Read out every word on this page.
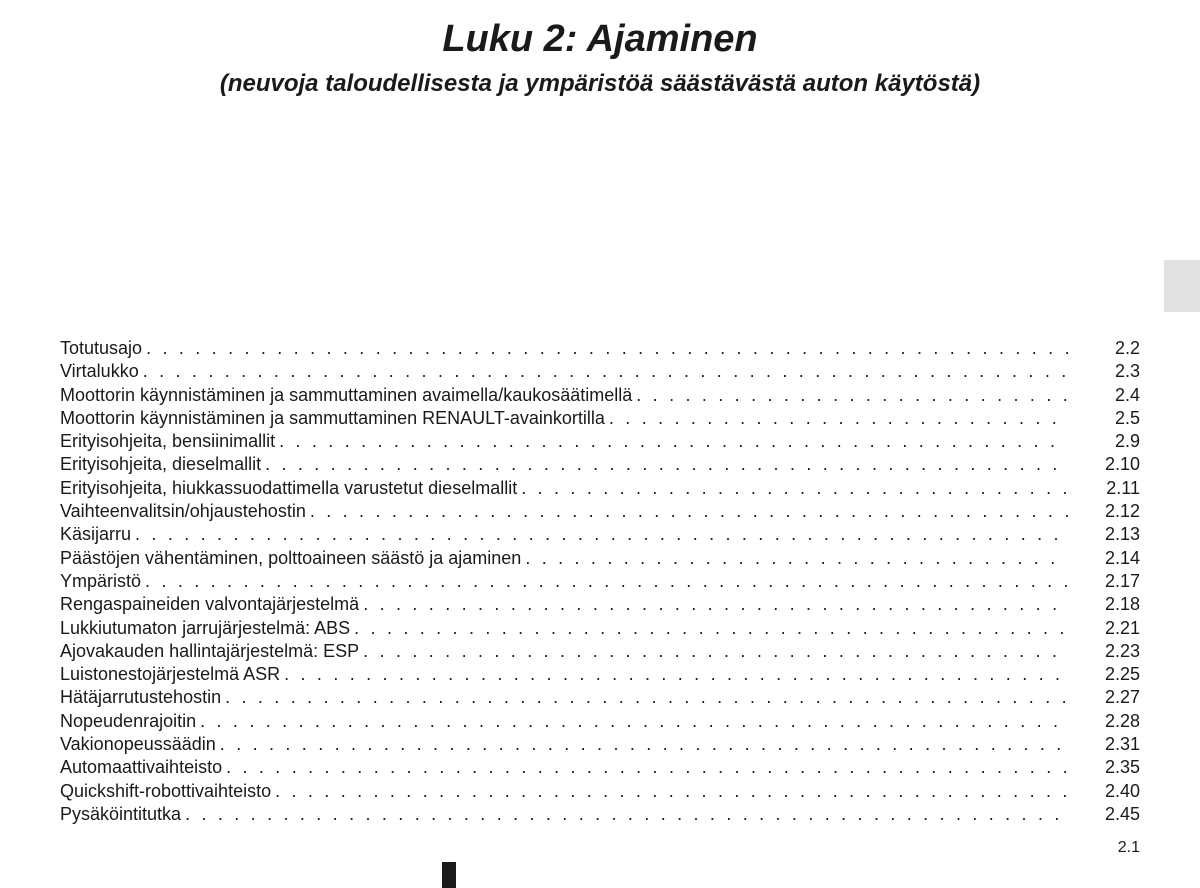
Luku 2: Ajaminen
(neuvoja taloudellisesta ja ympäristöä säästävästä auton käytöstä)
Totutusajo . . .	2.2
Virtalukko . . .	2.3
Moottorin käynnistäminen ja sammuttaminen avaimella/kaukosäätimellä . . .	2.4
Moottorin käynnistäminen ja sammuttaminen RENAULT-avainkortilla . . .	2.5
Erityisohjeita, bensiinimallit . . .	2.9
Erityisohjeita, dieselmallit . . .	2.10
Erityisohjeita, hiukkassuodattimella varustetut dieselmallit . . .	2.11
Vaihteenvalitsin/ohjaustehostin . . .	2.12
Käsijarru . . .	2.13
Päästöjen vähentäminen, polttoaineen säästö ja ajaminen . . .	2.14
Ympäristö . . .	2.17
Rengaspaineiden valvontajärjestelmä . . .	2.18
Lukkiutumaton jarrujärjestelmä: ABS . . .	2.21
Ajovakauden hallintajärjestelmä: ESP . . .	2.23
Luistonestojärjestelmä ASR . . .	2.25
Hätäjarrutustehostin . . .	2.27
Nopeudenrajoitin . . .	2.28
Vakionopeussäädin . . .	2.31
Automaattivaihteisto . . .	2.35
Quickshift-robottivaihteisto . . .	2.40
Pysäköintitutka . . .	2.45
2.1
